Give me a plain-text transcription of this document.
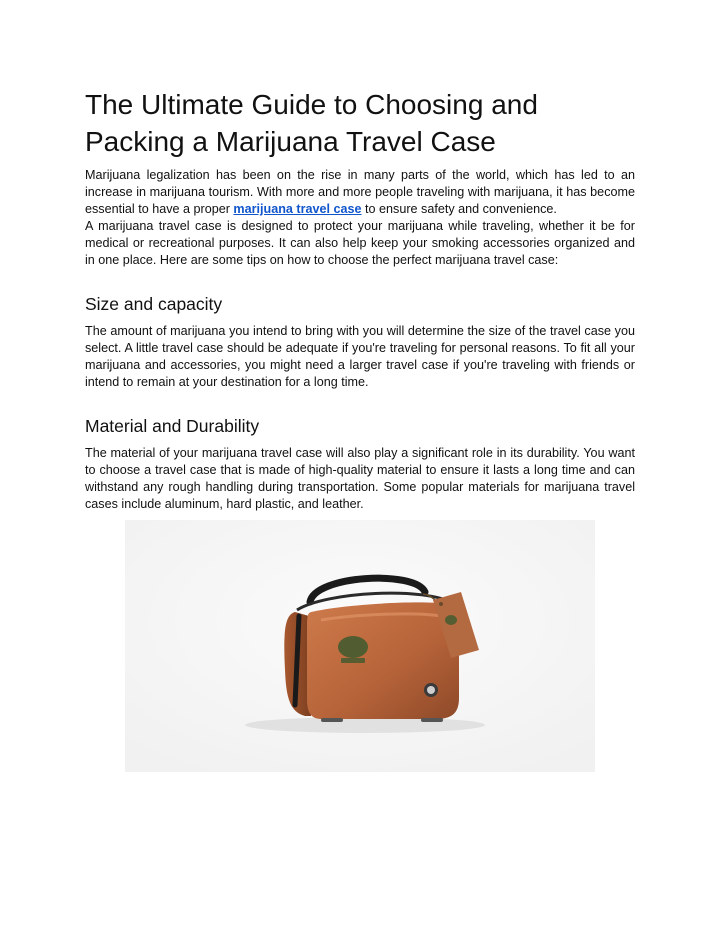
The Ultimate Guide to Choosing and Packing a Marijuana Travel Case

Marijuana legalization has been on the rise in many parts of the world, which has led to an increase in marijuana tourism. With more and more people traveling with marijuana, it has become essential to have a proper marijuana travel case to ensure safety and convenience.

A marijuana travel case is designed to protect your marijuana while traveling, whether it be for medical or recreational purposes. It can also help keep your smoking accessories organized and in one place. Here are some tips on how to choose the perfect marijuana travel case:

Size and capacity

The amount of marijuana you intend to bring with you will determine the size of the travel case you select. A little travel case should be adequate if you're traveling for personal reasons. To fit all your marijuana and accessories, you might need a larger travel case if you're traveling with friends or intend to remain at your destination for a long time.

Material and Durability

The material of your marijuana travel case will also play a significant role in its durability. You want to choose a travel case that is made of high-quality material to ensure it lasts a long time and can withstand any rough handling during transportation. Some popular materials for marijuana travel cases include aluminum, hard plastic, and leather.
